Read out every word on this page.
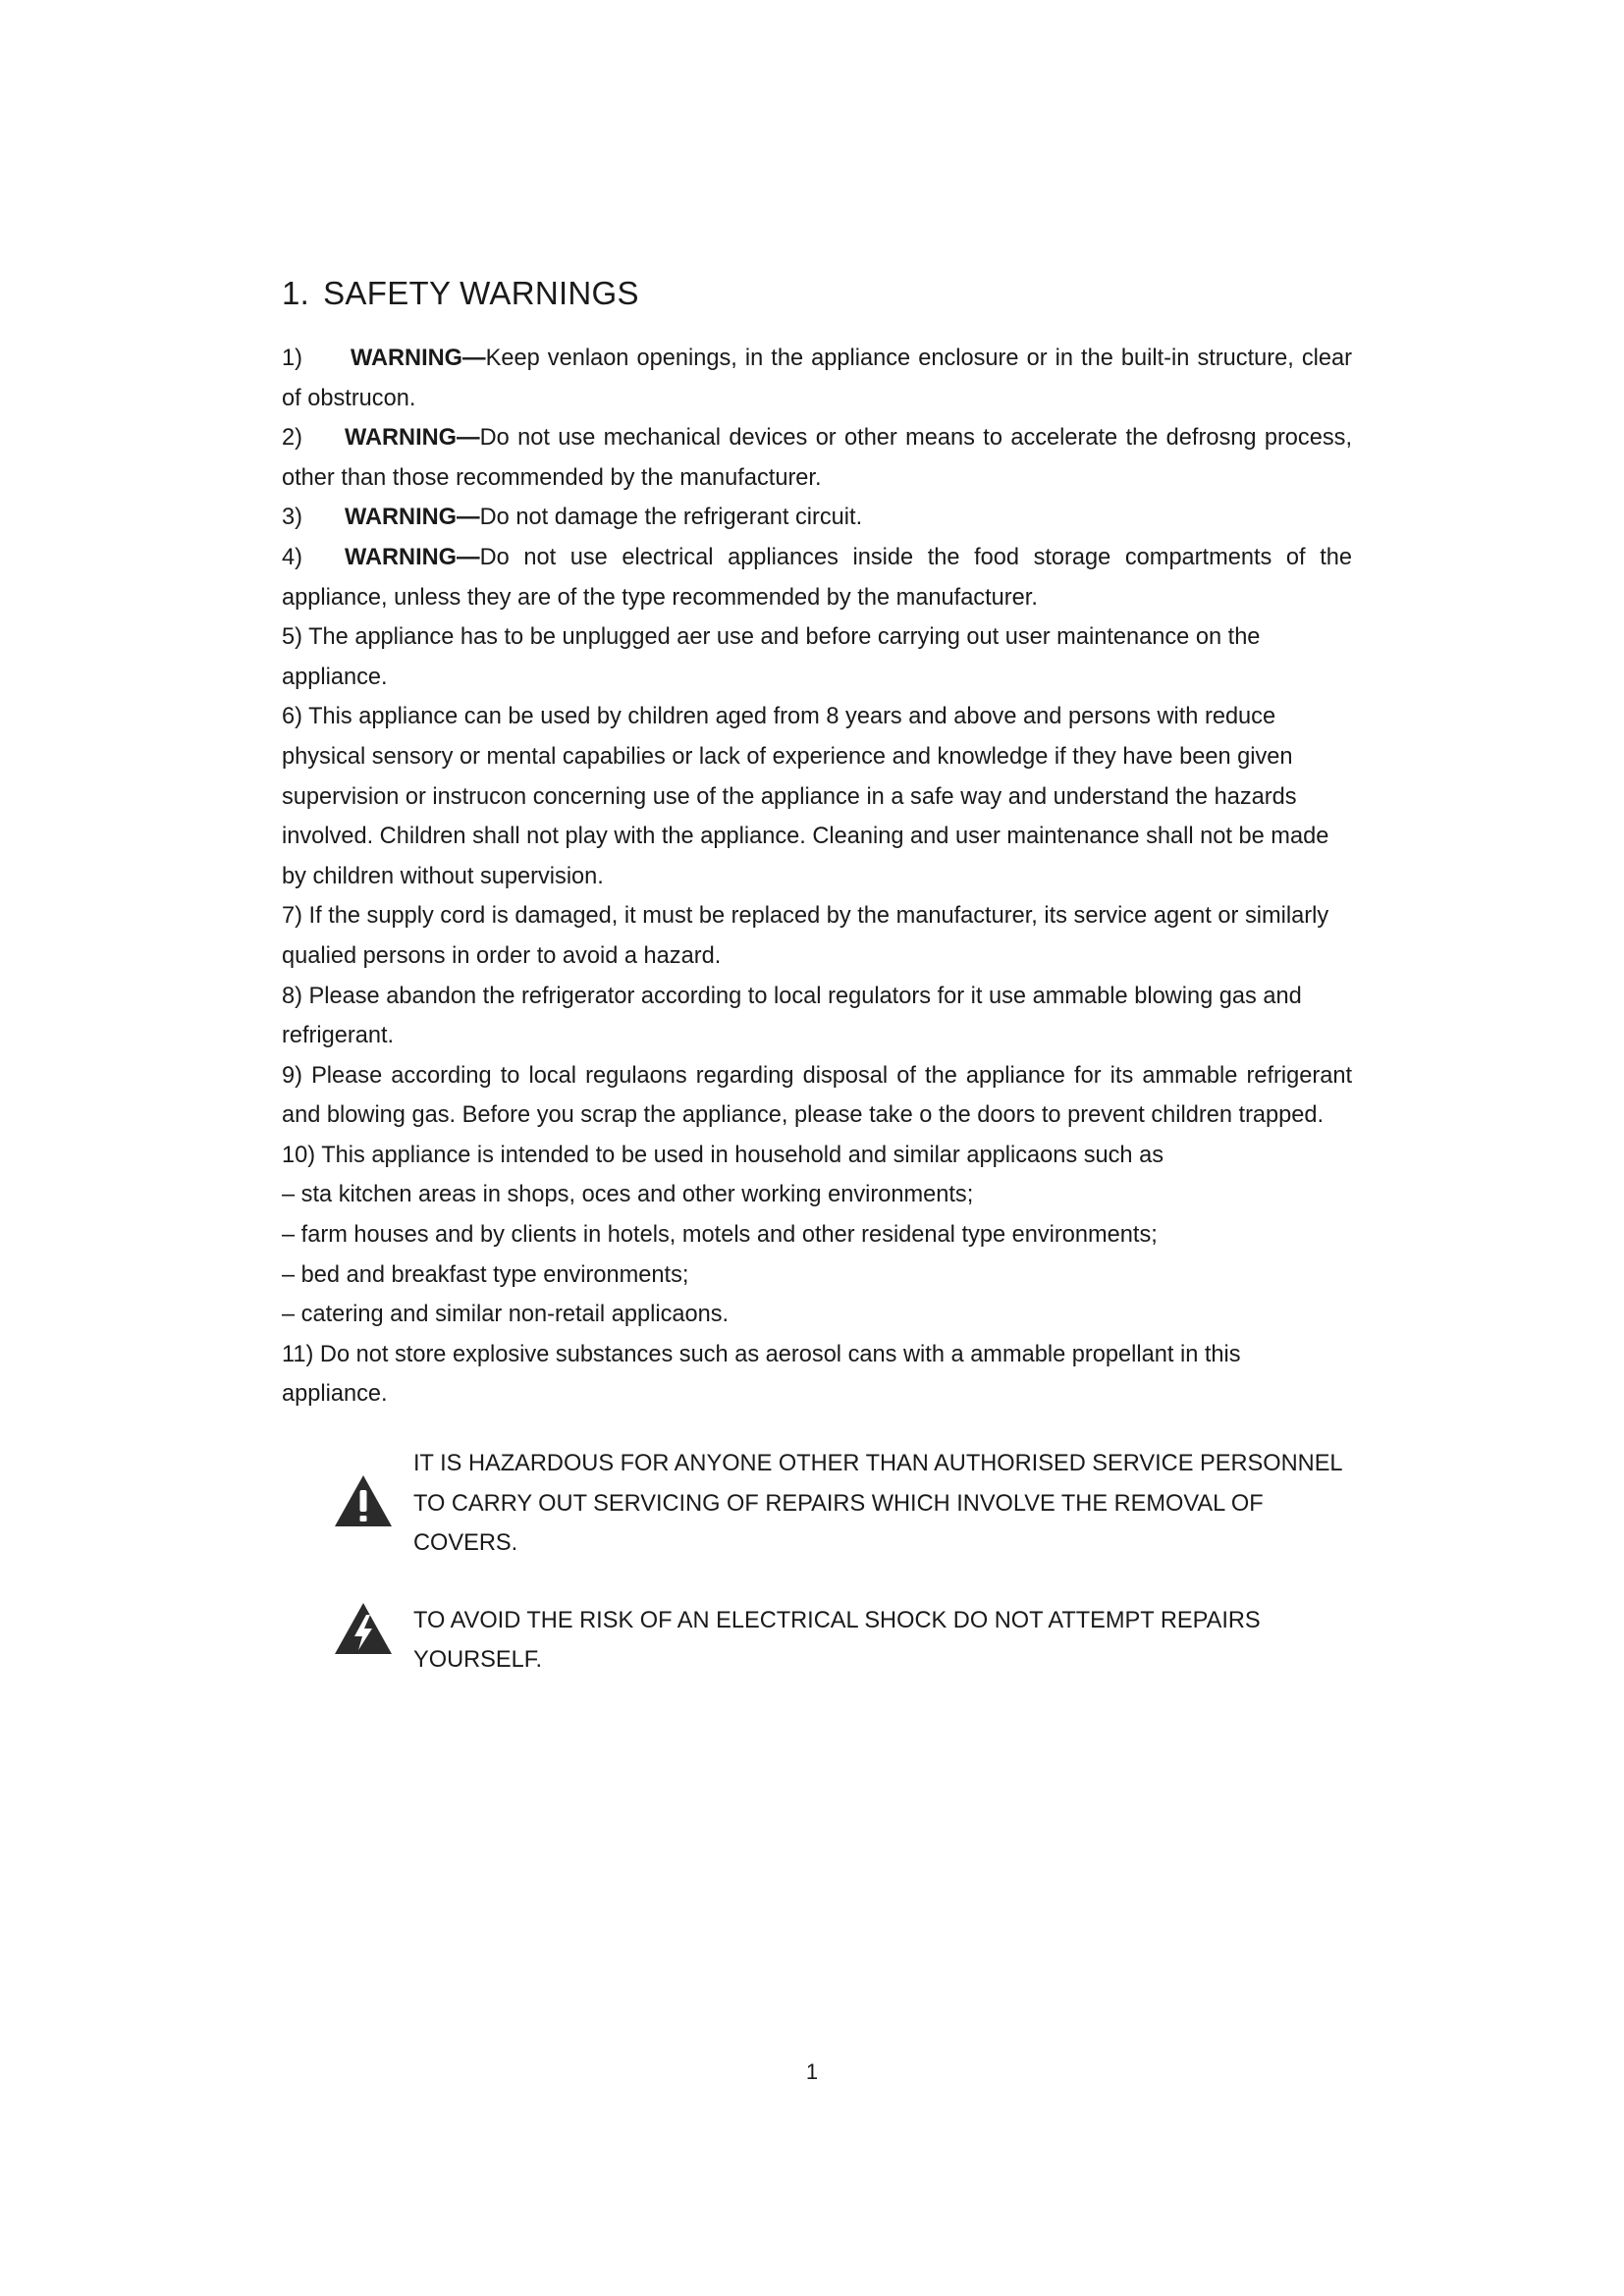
1. SAFETY WARNINGS

1) WARNING—Keep venlaon openings, in the appliance enclosure or in the built-in structure, clear of obstrucon.

2) WARNING—Do not use mechanical devices or other means to accelerate the defrosng process, other than those recommended by the manufacturer.

3) WARNING—Do not damage the refrigerant circuit.

4) WARNING—Do not use electrical appliances inside the food storage compartments of the appliance, unless they are of the type recommended by the manufacturer.

5) The appliance has to be unplugged aer use and before carrying out user maintenance on the appliance.

6) This appliance can be used by children aged from 8 years and above and persons with reduce physical sensory or mental capabilies or lack of experience and knowledge if they have been given supervision or instrucon concerning use of the appliance in a safe way and understand the hazards involved. Children shall not play with the appliance. Cleaning and user maintenance shall not be made by children without supervision.

7) If the supply cord is damaged, it must be replaced by the manufacturer, its service agent or similarly qualied persons in order to avoid a hazard.

8) Please abandon the refrigerator according to local regulators for it use ammable blowing gas and refrigerant.

9) Please according to local regulaons regarding disposal of the appliance for its ammable refrigerant and blowing gas. Before you scrap the appliance, please take o the doors to prevent children trapped.

10) This appliance is intended to be used in household and similar applicaons such as

– sta kitchen areas in shops, oces and other working environments;

– farm houses and by clients in hotels, motels and other residenal type environments;

– bed and breakfast type environments;

– catering and similar non-retail applicaons.

11) Do not store explosive substances such as aerosol cans with a ammable propellant in this appliance.

IT IS HAZARDOUS FOR ANYONE OTHER THAN AUTHORISED SERVICE PERSONNEL TO CARRY OUT SERVICING OF REPAIRS WHICH INVOLVE THE REMOVAL OF COVERS.
TO AVOID THE RISK OF AN ELECTRICAL SHOCK DO NOT ATTEMPT REPAIRS YOURSELF.
1
